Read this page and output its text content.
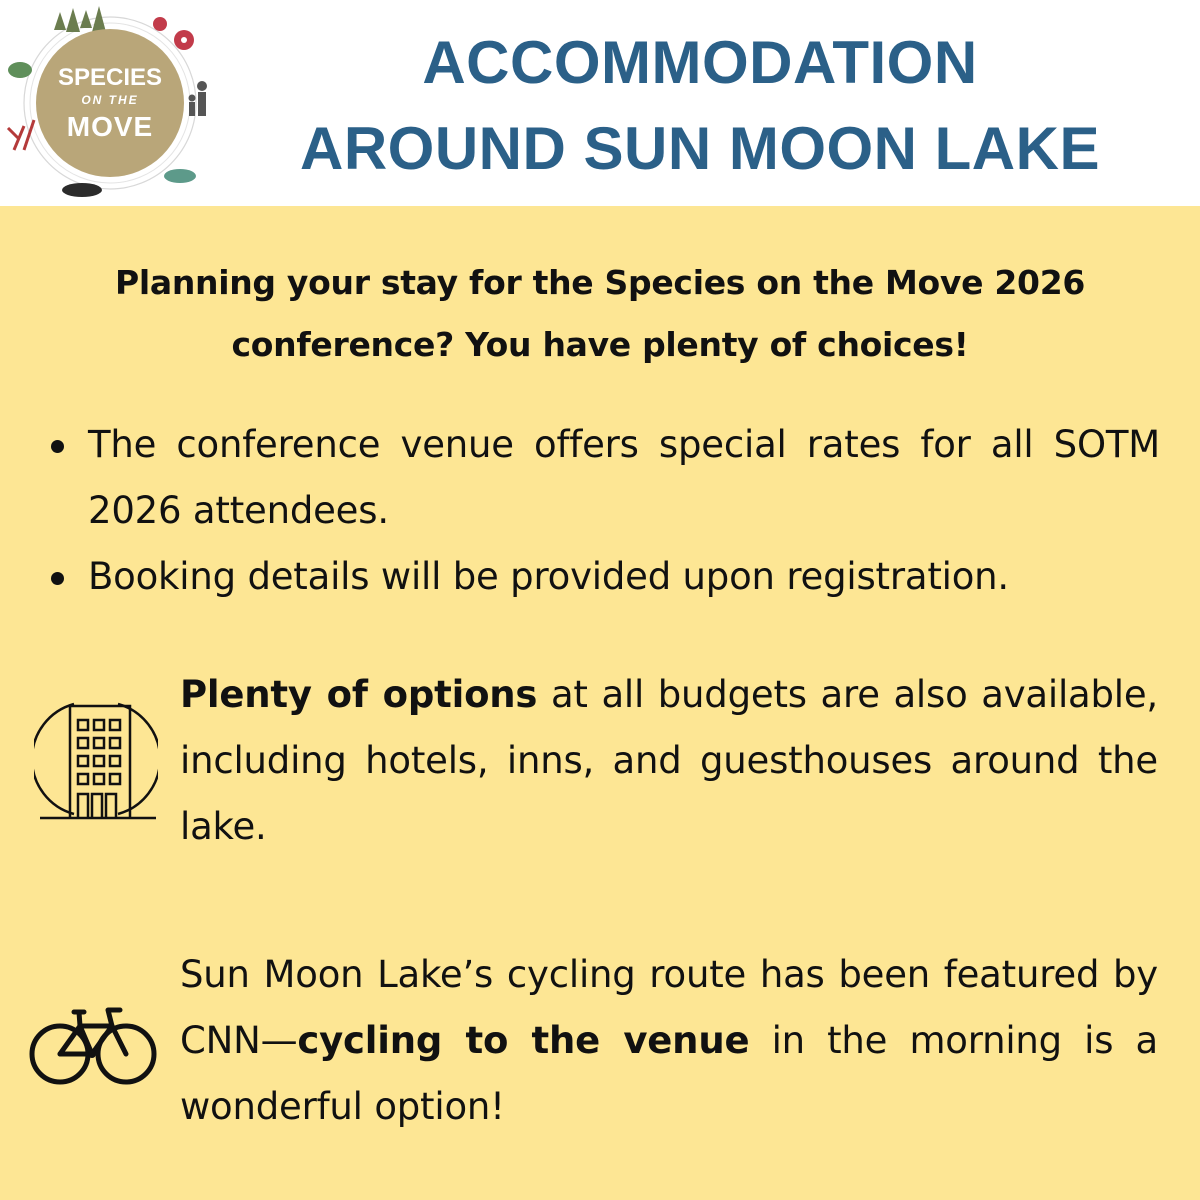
SPECIES
ON THE
MOVE
ACCOMMODATION
AROUND SUN MOON LAKE
Planning your stay for the Species on the Move 2026
conference? You have plenty of choices!
The conference venue offers special rates for all SOTM 2026 attendees.
Booking details will be provided upon registration.
Plenty of options at all budgets are also available, including hotels, inns, and guesthouses around the lake.
Sun Moon Lake’s cycling route has been featured by CNN—cycling to the venue in the morning is a wonderful option!
